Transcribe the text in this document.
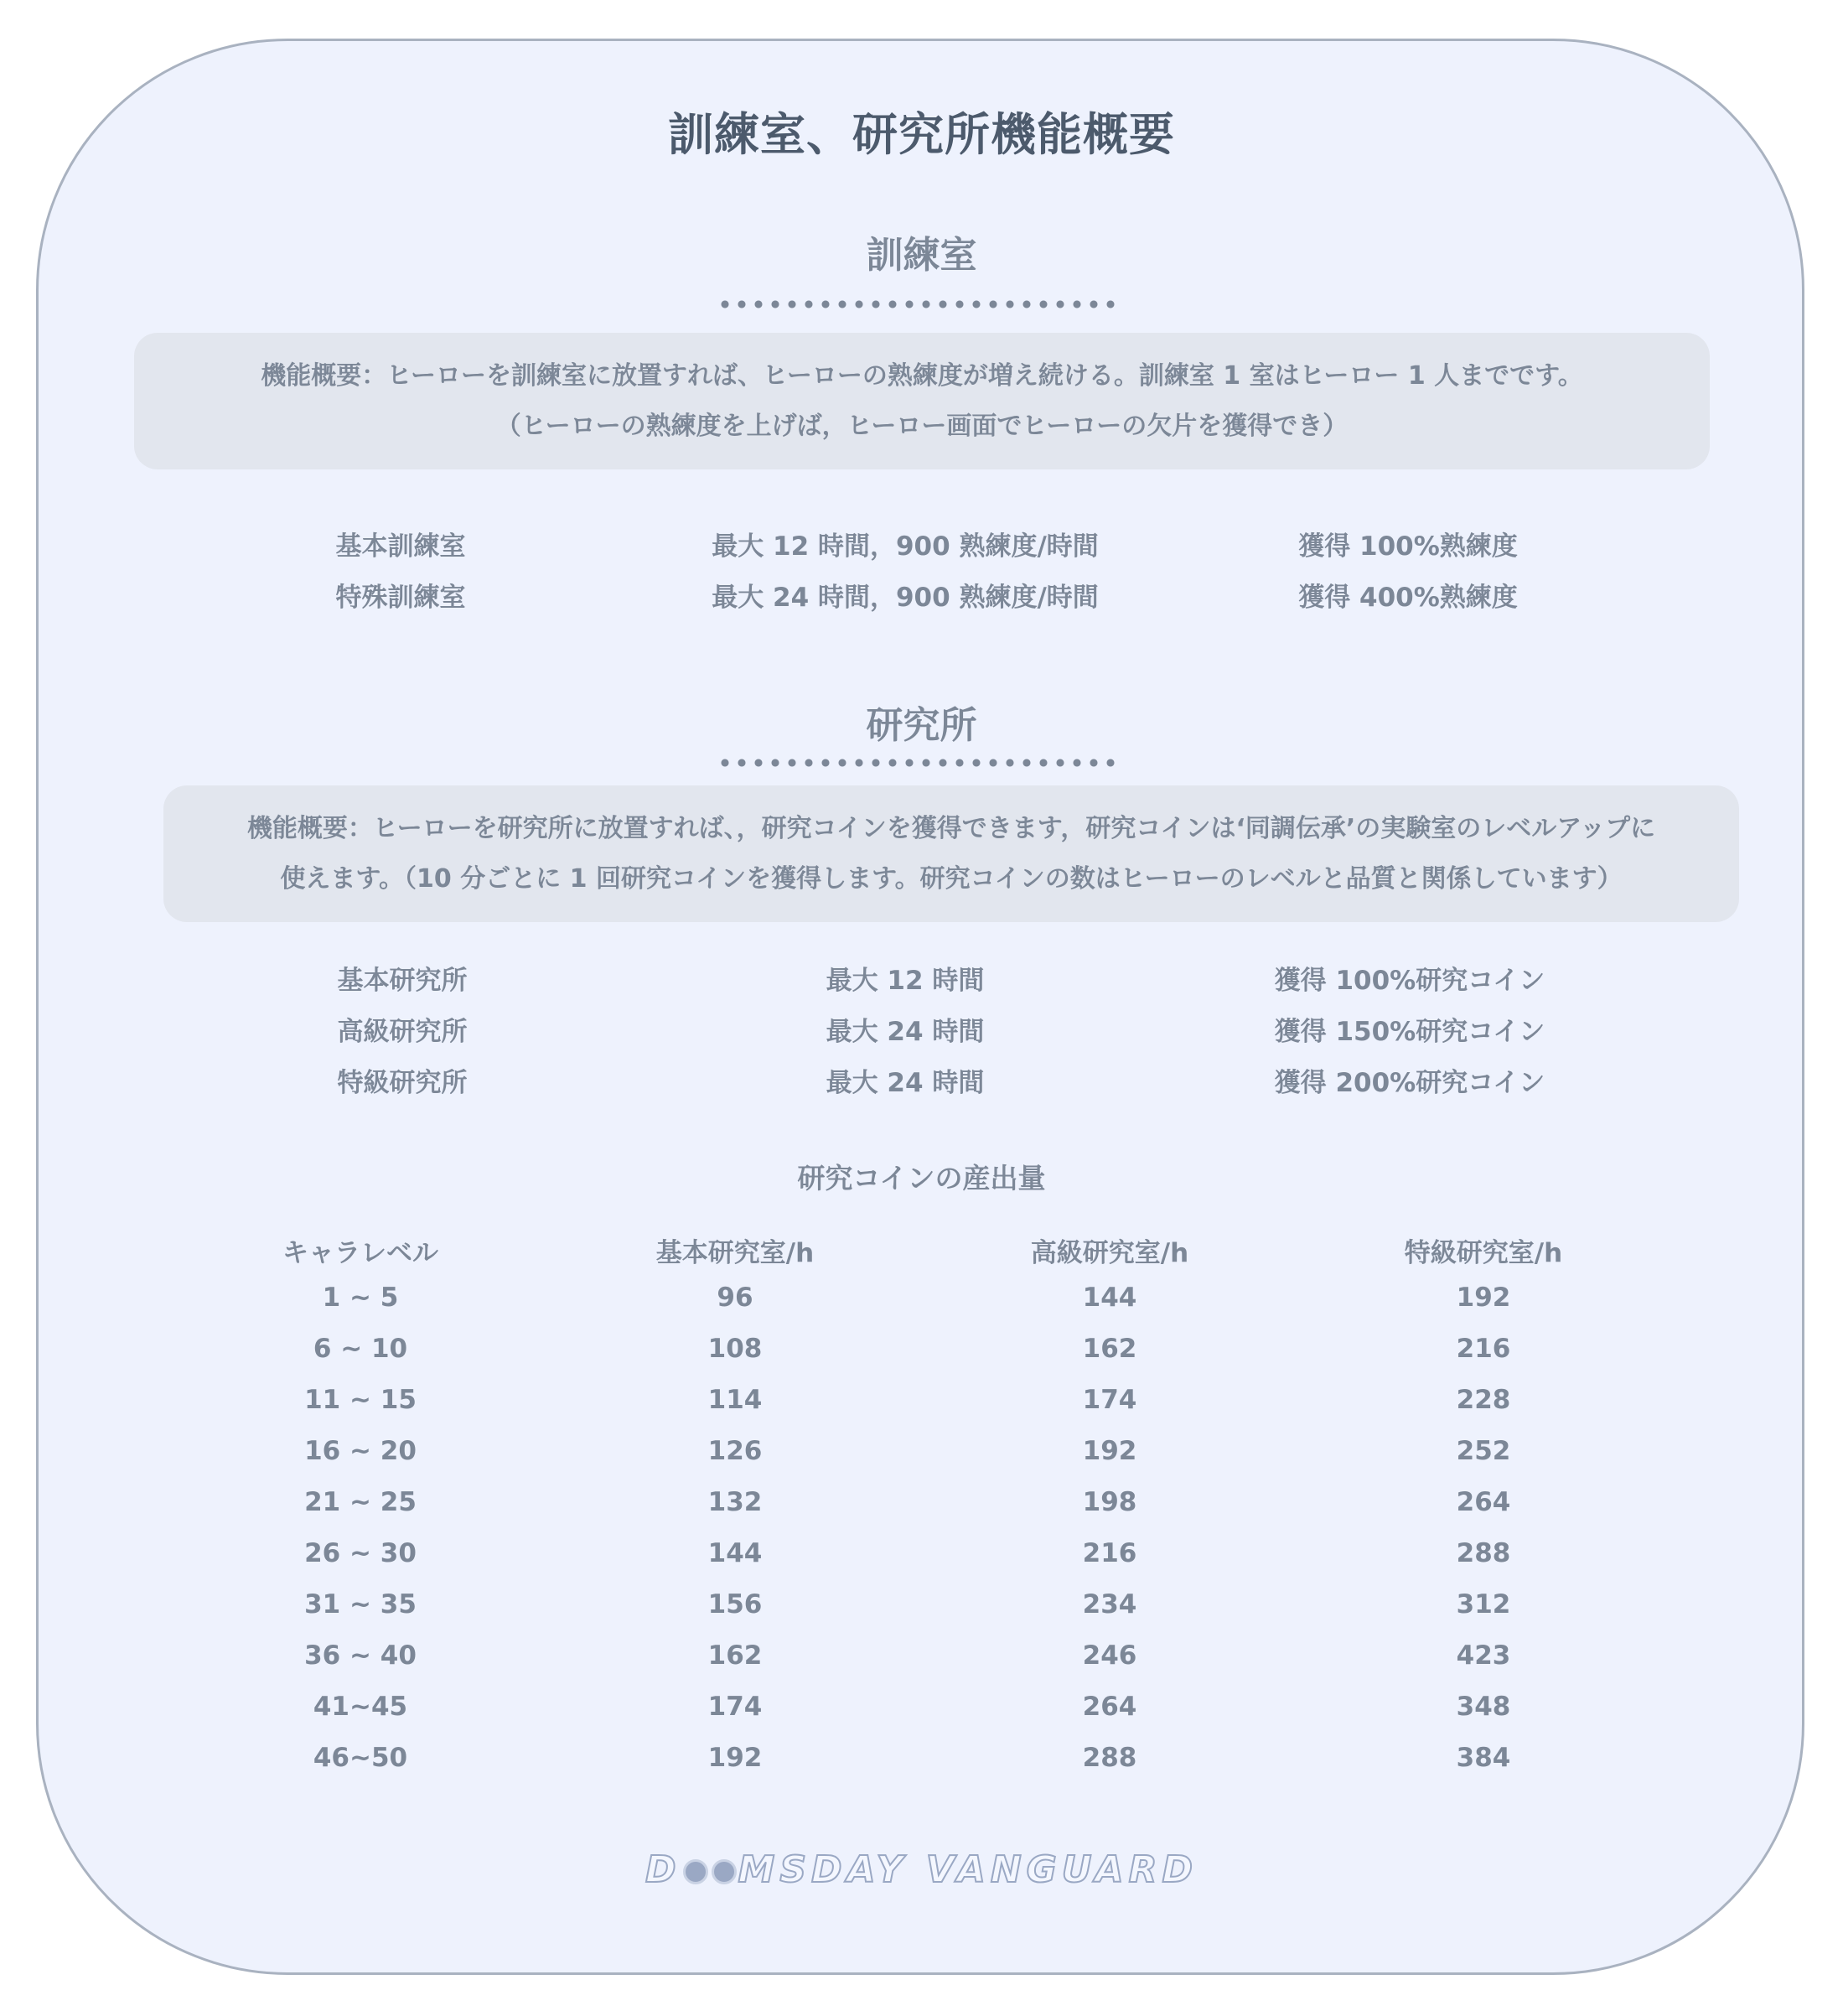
訓練室、研究所機能概要
訓練室
機能概要：ヒーローを訓練室に放置すれば、ヒーローの熟練度が増え続ける。訓練室 1 室はヒーロー 1 人までです。
（ヒーローの熟練度を上げば，ヒーロー画面でヒーローの欠片を獲得でき）
基本訓練室	最大 12 時間，900 熟練度/時間	獲得 100%熟練度
特殊訓練室	最大 24 時間，900 熟練度/時間	獲得 400%熟練度
研究所
機能概要：ヒーローを研究所に放置すれば、，研究コインを獲得できます，研究コインは‘同調伝承’の実験室のレベルアップに
使えます。（10 分ごとに 1 回研究コインを獲得します。研究コインの数はヒーローのレベルと品質と関係しています）
基本研究所	最大 12 時間	獲得 100%研究コイン
高級研究所	最大 24 時間	獲得 150%研究コイン
特級研究所	最大 24 時間	獲得 200%研究コイン
研究コインの産出量
キャラレベル	基本研究室/h	高級研究室/h	特級研究室/h
1 ~ 5	96	144	192
6 ~ 10	108	162	216
11 ~ 15	114	174	228
16 ~ 20	126	192	252
21 ~ 25	132	198	264
26 ~ 30	144	216	288
31 ~ 35	156	234	312
36 ~ 40	162	246	423
41~45	174	264	348
46~50	192	288	384
D MSDAY VANGUARD
